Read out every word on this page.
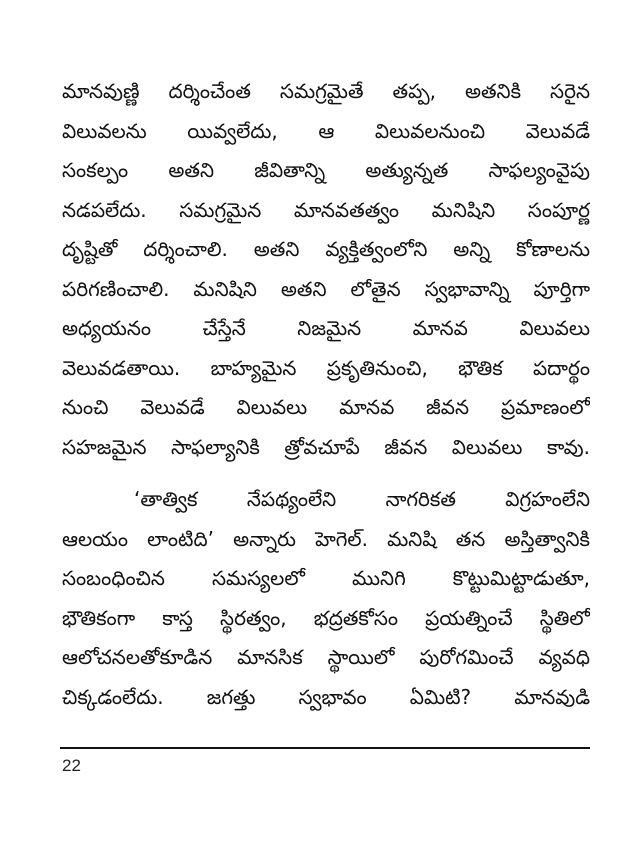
మానవుణ్ణి దర్శించేంత సమగ్రమైతే తప్ప, అతనికి సరైన
విలువలను యివ్వలేదు, ఆ విలువలనుంచి వెలువడే
సంకల్పం అతని జీవితాన్ని అత్యున్నత సాఫల్యంవైపు
నడపలేదు. సమగ్రమైన మానవతత్వం మనిషిని సంపూర్ణ
దృష్టితో దర్శించాలి. అతని వ్యక్తిత్వంలోని అన్ని కోణాలను
పరిగణించాలి. మనిషిని అతని లోతైన స్వభావాన్ని పూర్తిగా
అధ్యయనం చేస్తేనే నిజమైన మానవ విలువలు
వెలువడతాయి. బాహ్యమైన ప్రకృతినుంచి, భౌతిక పదార్థం
నుంచి వెలువడే విలువలు మానవ జీవన ప్రమాణంలో
సహజమైన సాఫల్యానికి త్రోవచూపే జీవన విలువలు కావు.
‘తాత్విక నేపథ్యంలేని నాగరికత విగ్రహంలేని
ఆలయం లాంటిది’ అన్నారు హెగెల్. మనిషి తన అస్తిత్వానికి
సంబంధించిన సమస్యలలో మునిగి కొట్టుమిట్టాడుతూ,
భౌతికంగా కాస్త స్థిరత్వం, భద్రతకోసం ప్రయత్నించే స్థితిలో
ఆలోచనలతోకూడిన మానసిక స్థాయిలో పురోగమించే వ్యవధి
చిక్కడంలేదు. జగత్తు స్వభావం ఏమిటి? మానవుడి
22
